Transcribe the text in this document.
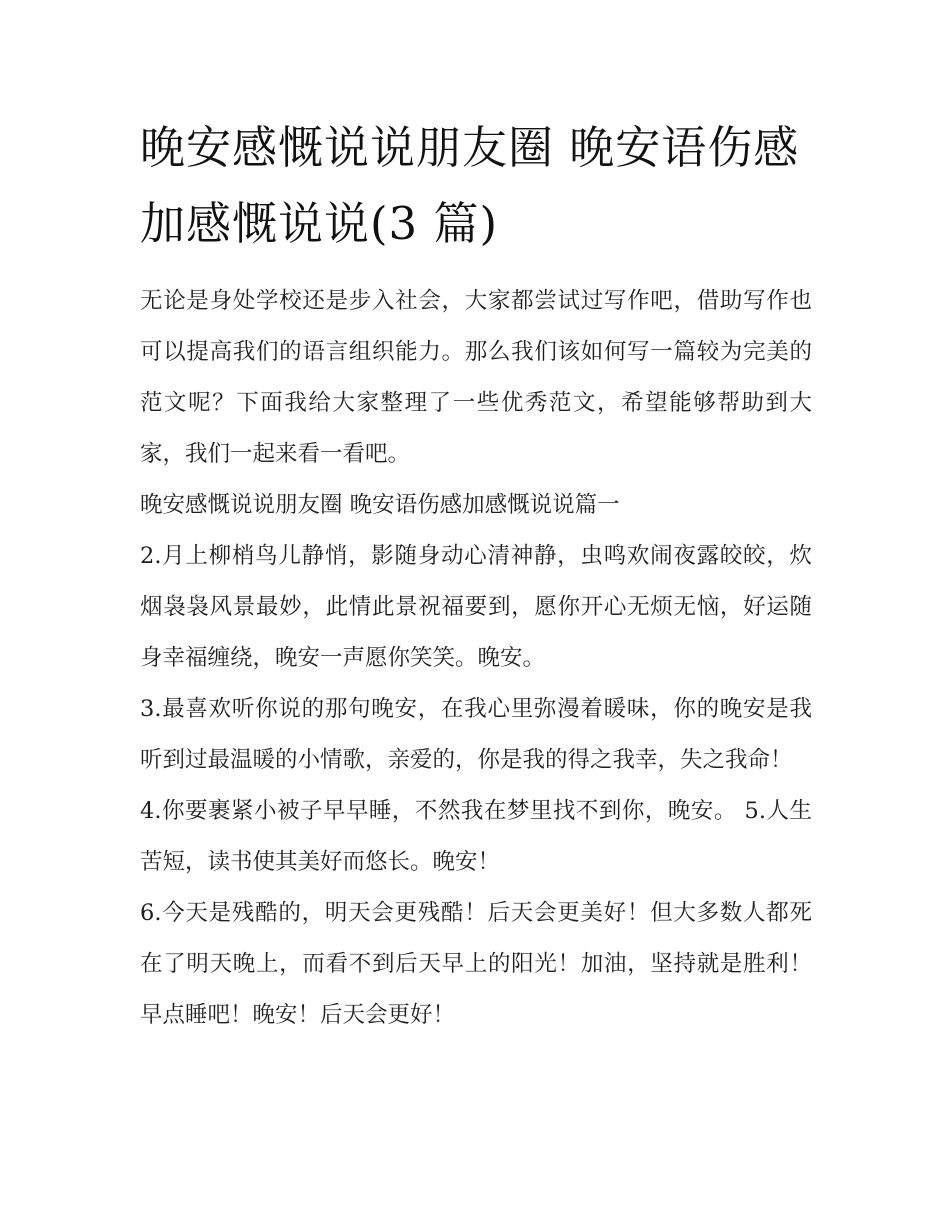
晚安感慨说说朋友圈 晚安语伤感加感慨说说(3 篇)

无论是身处学校还是步入社会，大家都尝试过写作吧，借助写作也可以提高我们的语言组织能力。那么我们该如何写一篇较为完美的范文呢？下面我给大家整理了一些优秀范文，希望能够帮助到大家，我们一起来看一看吧。

晚安感慨说说朋友圈 晚安语伤感加感慨说说篇一

2.月上柳梢鸟儿静悄，影随身动心清神静，虫鸣欢闹夜露皎皎，炊烟袅袅风景最妙，此情此景祝福要到，愿你开心无烦无恼，好运随身幸福缠绕，晚安一声愿你笑笑。晚安。

3.最喜欢听你说的那句晚安，在我心里弥漫着暖味，你的晚安是我听到过最温暖的小情歌，亲爱的，你是我的得之我幸，失之我命！

4.你要裹紧小被子早早睡，不然我在梦里找不到你，晚安。 5.人生苦短，读书使其美好而悠长。晚安！

6.今天是残酷的，明天会更残酷！后天会更美好！但大多数人都死在了明天晚上，而看不到后天早上的阳光！加油，坚持就是胜利！早点睡吧！晚安！后天会更好！
